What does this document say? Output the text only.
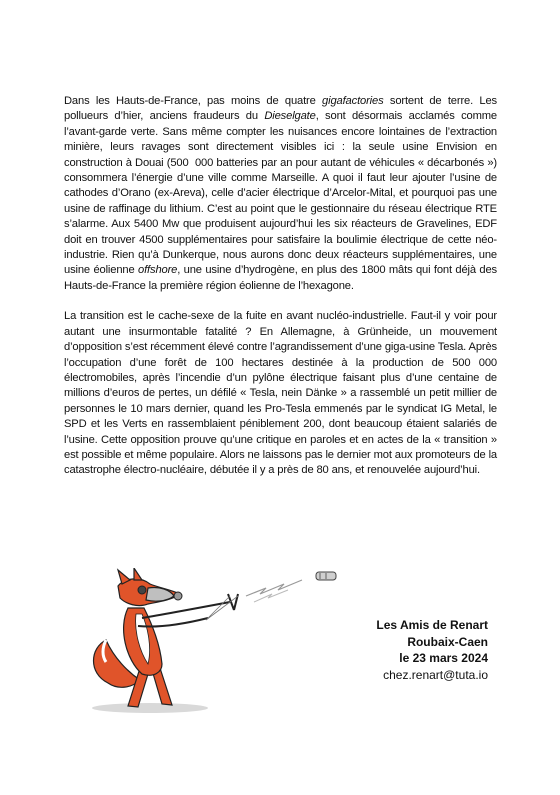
Dans les Hauts-de-France, pas moins de quatre gigafactories sortent de terre. Les pollueurs d’hier, anciens fraudeurs du Dieselgate, sont désormais acclamés comme l’avant-garde verte. Sans même compter les nuisances encore lointaines de l’extraction minière, leurs ravages sont directement visibles ici : la seule usine Envision en construction à Douai (500  000 batteries par an pour autant de véhicules « décarbonés ») consommera l’énergie d’une ville comme Marseille. A quoi il faut leur ajouter l’usine de cathodes d’Orano (ex-Areva), celle d’acier électrique d’Arcelor-Mital, et pourquoi pas une usine de raffinage du lithium. C’est au point que le gestionnaire du réseau électrique RTE s’alarme. Aux 5400 Mw que produisent aujourd’hui les six réacteurs de Gravelines, EDF doit en trouver 4500 supplémentaires pour satisfaire la boulimie électrique de cette néo-industrie. Rien qu’à Dunkerque, nous aurons donc deux réacteurs supplémentaires, une usine éolienne offshore, une usine d’hydrogène, en plus des 1800 mâts qui font déjà des Hauts-de-France la première région éolienne de l’hexagone.

La transition est le cache-sexe de la fuite en avant nucléo-industrielle. Faut-il y voir pour autant une insurmontable fatalité ? En Allemagne, à Grünheide, un mouvement d’opposition s’est récemment élevé contre l’agrandissement d’une giga-usine Tesla. Après l’occupation d’une forêt de 100 hectares destinée à la production de 500 000 électromobiles, après l’incendie d’un pylône électrique faisant plus d’une centaine de millions d’euros de pertes, un défilé « Tesla, nein Dänke » a rassemblé un petit millier de personnes le 10 mars dernier, quand les Pro-Tesla emmenés par le syndicat IG Metal, le SPD et les Verts en rassemblaient péniblement 200, dont beaucoup étaient salariés de l’usine. Cette opposition prouve qu’une critique en paroles et en actes de la « transition » est possible et même populaire. Alors ne laissons pas le dernier mot aux promoteurs de la catastrophe électro-nucléaire, débutée il y a près de 80 ans, et renouvelée aujourd’hui.

Les Amis de Renart
Roubaix-Caen
le 23 mars 2024
chez.renart@tuta.io
